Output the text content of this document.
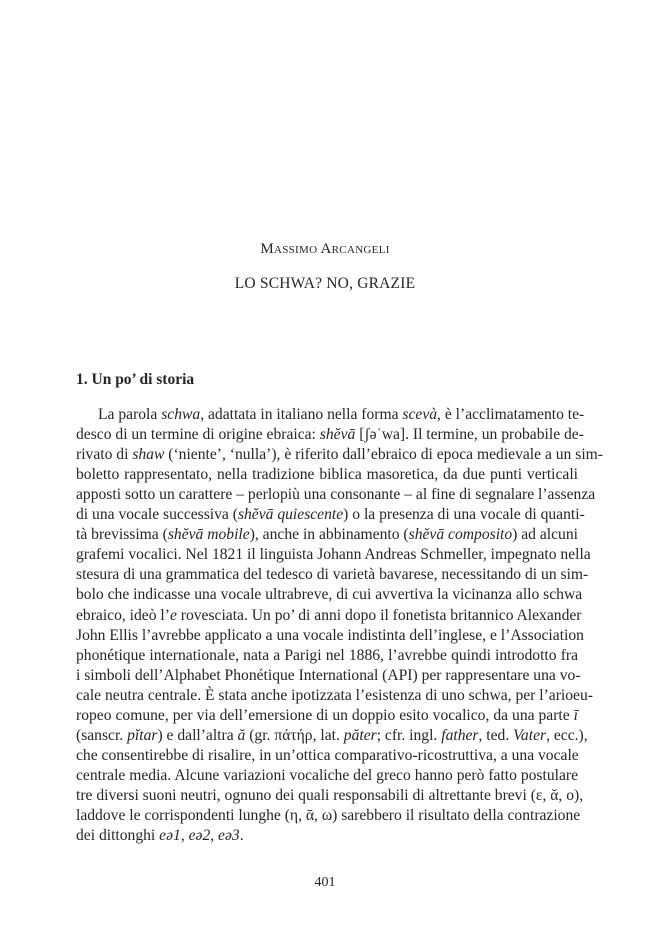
Massimo Arcangeli
LO SCHWA? NO, GRAZIE
1. Un po’ di storia
La parola schwa, adattata in italiano nella forma scevà, è l’acclimatamento te-
desco di un termine di origine ebraica: shĕvā [ʃəˈwa]. Il termine, un probabile de-
rivato di shaw (‘niente’, ‘nulla’), è riferito dall’ebraico di epoca medievale a un sim-
boletto rappresentato, nella tradizione biblica masoretica, da due punti verticali
apposti sotto un carattere – perlopiù una consonante – al fine di segnalare l’assenza
di una vocale successiva (shĕvā quiescente) o la presenza di una vocale di quanti-
tà brevissima (shĕvā mobile), anche in abbinamento (shĕvā composito) ad alcuni
grafemi vocalici. Nel 1821 il linguista Johann Andreas Schmeller, impegnato nella
stesura di una grammatica del tedesco di varietà bavarese, necessitando di un sim-
bolo che indicasse una vocale ultrabreve, di cui avvertiva la vicinanza allo schwa
ebraico, ideò l’e rovesciata. Un po’ di anni dopo il fonetista britannico Alexander
John Ellis l’avrebbe applicato a una vocale indistinta dell’inglese, e l’Association
phonétique internationale, nata a Parigi nel 1886, l’avrebbe quindi introdotto fra
i simboli dell’Alphabet Phonétique International (API) per rappresentare una vo-
cale neutra centrale. È stata anche ipotizzata l’esistenza di uno schwa, per l’arioeu-
ropeo comune, per via dell’emersione di un doppio esito vocalico, da una parte ī
(sanscr. pĭtar) e dall’altra ă (gr. πάτήρ, lat. păter; cfr. ingl. father, ted. Vater, ecc.),
che consentirebbe di risalire, in un’ottica comparativo-ricostruttiva, a una vocale
centrale media. Alcune variazioni vocaliche del greco hanno però fatto postulare
tre diversi suoni neutri, ognuno dei quali responsabili di altrettante brevi (ε, ᾰ, ο),
laddove le corrispondenti lunghe (η, ᾱ, ω) sarebbero il risultato della contrazione
dei dittonghi eə1, eə2, eə3.
401
